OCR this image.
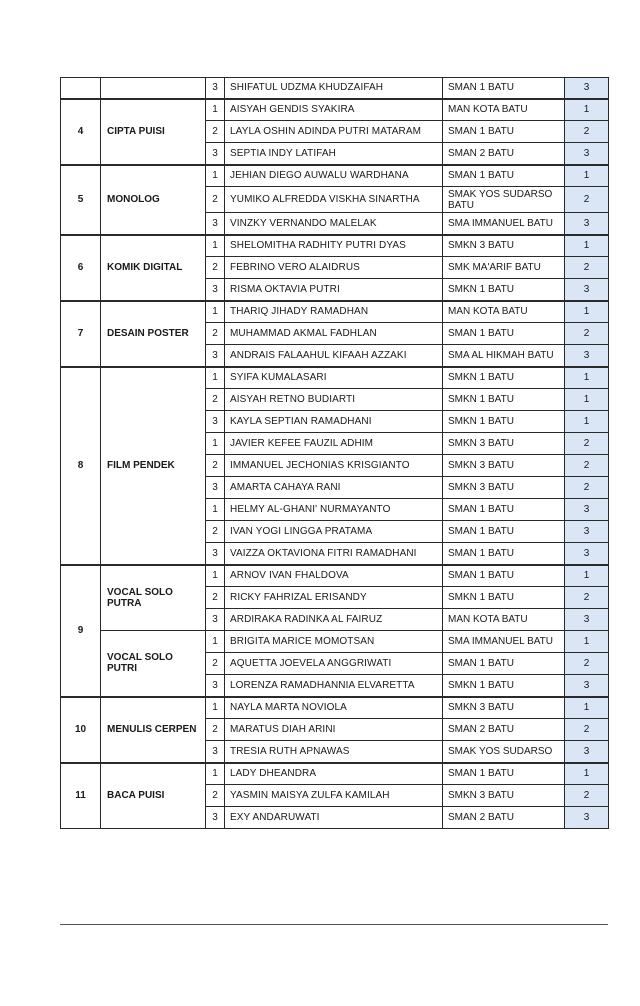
		3	SHIFATUL UDZMA KHUDZAIFAH	SMAN 1 BATU	3
4	CIPTA PUISI	1	AISYAH GENDIS SYAKIRA	MAN KOTA BATU	1
		2	LAYLA OSHIN ADINDA PUTRI MATARAM	SMAN 1 BATU	2
		3	SEPTIA INDY LATIFAH	SMAN 2 BATU	3
5	MONOLOG	1	JEHIAN DIEGO AUWALU WARDHANA	SMAN 1 BATU	1
		2	YUMIKO ALFREDDA VISKHA SINARTHA	SMAK YOS SUDARSO BATU	2
		3	VINZKY VERNANDO MALELAK	SMA IMMANUEL BATU	3
6	KOMIK DIGITAL	1	SHELOMITHA RADHITY PUTRI DYAS	SMKN 3 BATU	1
		2	FEBRINO VERO ALAIDRUS	SMK MA'ARIF BATU	2
		3	RISMA OKTAVIA PUTRI	SMKN 1 BATU	3
7	DESAIN POSTER	1	THARIQ JIHADY RAMADHAN	MAN KOTA BATU	1
		2	MUHAMMAD AKMAL FADHLAN	SMAN 1 BATU	2
		3	ANDRAIS FALAAHUL KIFAAH AZZAKI	SMA AL HIKMAH BATU	3
8	FILM PENDEK	1	SYIFA KUMALASARI	SMKN 1 BATU	1
		2	AISYAH RETNO BUDIARTI	SMKN 1 BATU	1
		3	KAYLA SEPTIAN RAMADHANI	SMKN 1 BATU	1
		1	JAVIER KEFEE FAUZIL ADHIM	SMKN 3 BATU	2
		2	IMMANUEL JECHONIAS KRISGIANTO	SMKN 3 BATU	2
		3	AMARTA CAHAYA RANI	SMKN 3 BATU	2
		1	HELMY AL-GHANI' NURMAYANTO	SMAN 1 BATU	3
		2	IVAN YOGI LINGGA PRATAMA	SMAN 1 BATU	3
		3	VAIZZA OKTAVIONA FITRI RAMADHANI	SMAN 1 BATU	3
9	VOCAL SOLO PUTRA	1	ARNOV IVAN FHALDOVA	SMAN 1 BATU	1
		2	RICKY FAHRIZAL ERISANDY	SMKN 1 BATU	2
		3	ARDIRAKA RADINKA AL FAIRUZ	MAN KOTA BATU	3
	VOCAL SOLO PUTRI	1	BRIGITA MARICE MOMOTSAN	SMA IMMANUEL BATU	1
		2	AQUETTA JOEVELA ANGGRIWATI	SMAN 1 BATU	2
		3	LORENZA RAMADHANNIA ELVARETTA	SMKN 1 BATU	3
10	MENULIS CERPEN	1	NAYLA MARTA NOVIOLA	SMKN 3 BATU	1
		2	MARATUS DIAH ARINI	SMAN 2 BATU	2
		3	TRESIA RUTH APNAWAS	SMAK YOS SUDARSO	3
11	BACA PUISI	1	LADY DHEANDRA	SMAN 1 BATU	1
		2	YASMIN MAISYA ZULFA KAMILAH	SMKN 3 BATU	2
		3	EXY ANDARUWATI	SMAN 2 BATU	3
